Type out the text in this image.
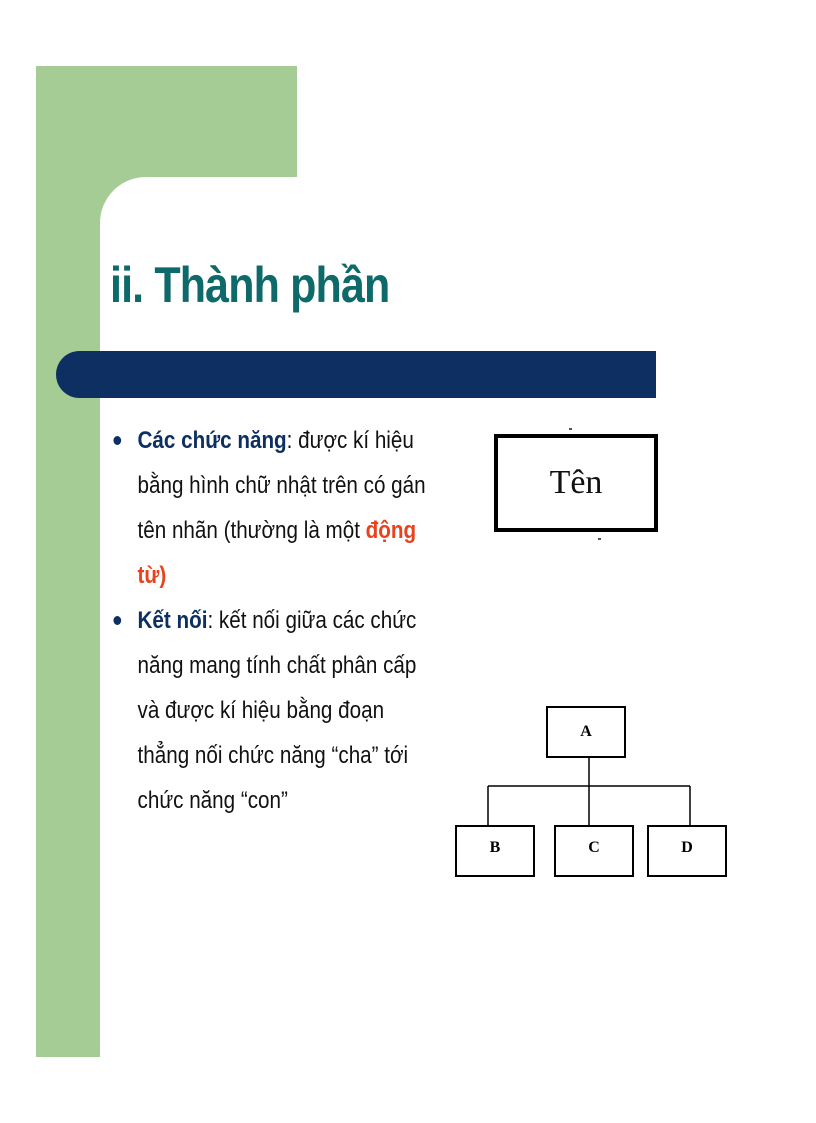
ii. Thành phần
Các chức năng: được kí hiệu bằng hình chữ nhật trên có gán tên nhãn (thường là một động từ)
Kết nối: kết nối giữa các chức năng mang tính chất phân cấp và được kí hiệu bằng đoạn thẳng nối chức năng “cha” tới chức năng “con”
Tên
A
B	C	D
